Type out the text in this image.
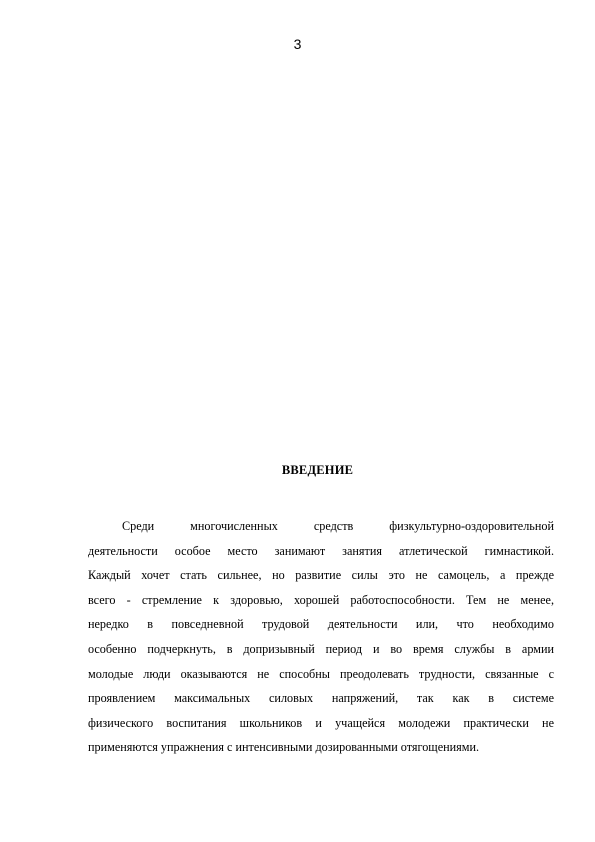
3
ВВЕДЕНИЕ
Среди многочисленных средств физкультурно-оздоровительной
деятельности особое место занимают занятия атлетической гимнастикой.
Каждый хочет стать сильнее, но развитие силы это не самоцель, а прежде
всего - стремление к здоровью, хорошей работоспособности. Тем не менее,
нередко в повседневной трудовой деятельности или, что необходимо
особенно подчеркнуть, в допризывный период и во время службы в армии
молодые люди оказываются не способны преодолевать трудности, связанные с
проявлением максимальных силовых напряжений, так как в системе
физического воспитания школьников и учащейся молодежи практически не
применяются упражнения с интенсивными дозированными отягощениями.
